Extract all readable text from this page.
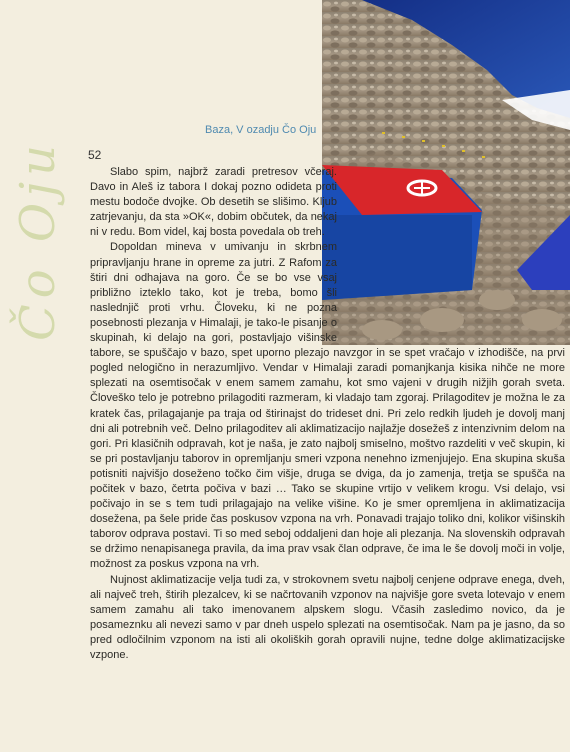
Čo Oju
Baza, V ozadju Čo Oju
52

Slabo spim, najbrž zaradi pretresov včeraj. Davo in Aleš iz tabora I dokaj pozno odideta proti mestu bodoče dvojke. Ob desetih se slišimo. Kljub zatrjevanju, da sta »OK«, dobim občutek, da nekaj ni v redu. Bom videl, kaj bosta povedala ob treh.

Dopoldan mineva v umivanju in skrbnem pripravljanju hrane in opreme za jutri. Z Rafom za štiri dni odhajava na goro. Če se bo vse vsaj približno izteklo tako, kot je treba, bomo šli naslednjič proti vrhu. Človeku, ki ne pozna posebnosti plezanja v Himalaji, je tako-le pisanje o skupinah, ki delajo na gori, postavljajo višinske tabore, se spuščajo v bazo, spet uporno plezajo navzgor in se spet vračajo v izhodišče, na prvi pogled nelogično in nerazumljivo. Vendar v Himalaji zaradi pomanjkanja kisika nihče ne more splezati na osemtisočak v enem samem zamahu, kot smo vajeni v drugih nižjih gorah sveta. Človeško telo je potrebno prilagoditi razmeram, ki vladajo tam zgoraj. Prilagoditev je možna le za kratek čas, prilagajanje pa traja od štirinajst do trideset dni. Pri zelo redkih ljudeh je dovolj manj dni ali potrebnih več. Delno prilagoditev ali aklimatizacijo najlažje dosežeš z intenzivnim delom na gori. Pri klasičnih odpravah, kot je naša, je zato najbolj smiselno, moštvo razdeliti v več skupin, ki se pri postavljanju taborov in opremljanju smeri vzpona nenehno izmenjujejo. Ena skupina skuša potisniti najvišjo doseženo točko čim višje, druga se dviga, da jo zamenja, tretja se spušča na počitek v bazo, četrta počiva v bazi … Tako se skupine vrtijo v velikem krogu. Vsi delajo, vsi počivajo in se s tem tudi prilagajajo na velike višine. Ko je smer opremljena in aklimatizacija dosežena, pa šele pride čas poskusov vzpona na vrh. Ponavadi trajajo toliko dni, kolikor višinskih taborov odprava postavi. Ti so med seboj oddaljeni dan hoje ali plezanja. Na slovenskih odpravah se držimo nenapisanega pravila, da ima prav vsak član odprave, če ima le še dovolj moči in volje, možnost za poskus vzpona na vrh.

Nujnost aklimatizacije velja tudi za, v strokovnem svetu najbolj cenjene odprave enega, dveh, ali največ treh, štirih plezalcev, ki se načrtovanih vzponov na najvišje gore sveta lotevajo v enem samem zamahu ali tako imenovanem alpskem slogu. Včasih zasledimo novico, da je posameznku ali nevezi samo v par dneh uspelo splezati na osemtisočak. Nam pa je jasno, da so pred odločilnim vzponom na isti ali okoliških gorah opravili nujne, tedne dolge aklimatizacijske vzpone.
